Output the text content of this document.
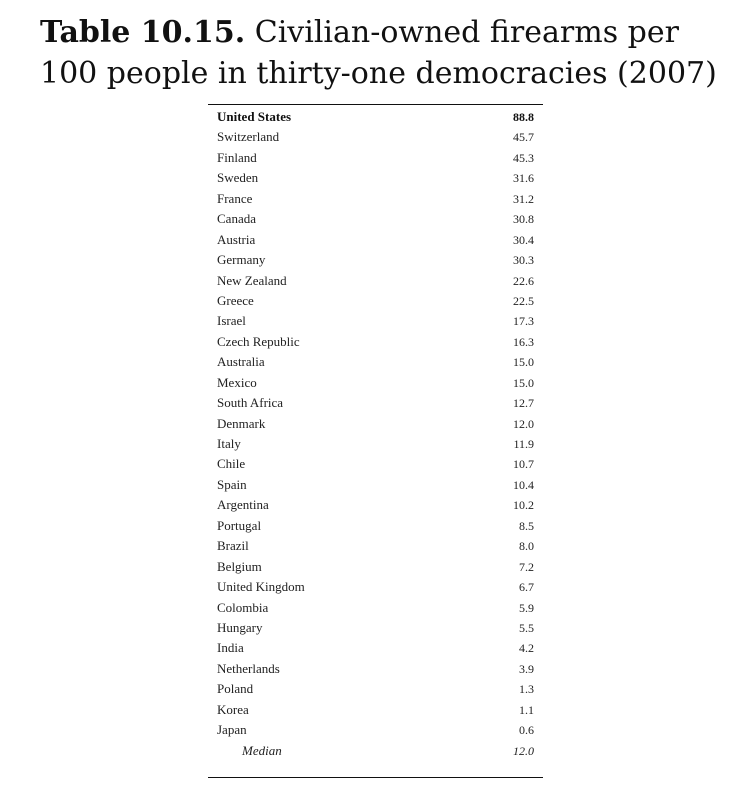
Table 10.15. Civilian-owned firearms per 100 people in thirty-one democracies (2007)
United States	88.8
Switzerland	45.7
Finland	45.3
Sweden	31.6
France	31.2
Canada	30.8
Austria	30.4
Germany	30.3
New Zealand	22.6
Greece	22.5
Israel	17.3
Czech Republic	16.3
Australia	15.0
Mexico	15.0
South Africa	12.7
Denmark	12.0
Italy	11.9
Chile	10.7
Spain	10.4
Argentina	10.2
Portugal	8.5
Brazil	8.0
Belgium	7.2
United Kingdom	6.7
Colombia	5.9
Hungary	5.5
India	4.2
Netherlands	3.9
Poland	1.3
Korea	1.1
Japan	0.6
Median	12.0
